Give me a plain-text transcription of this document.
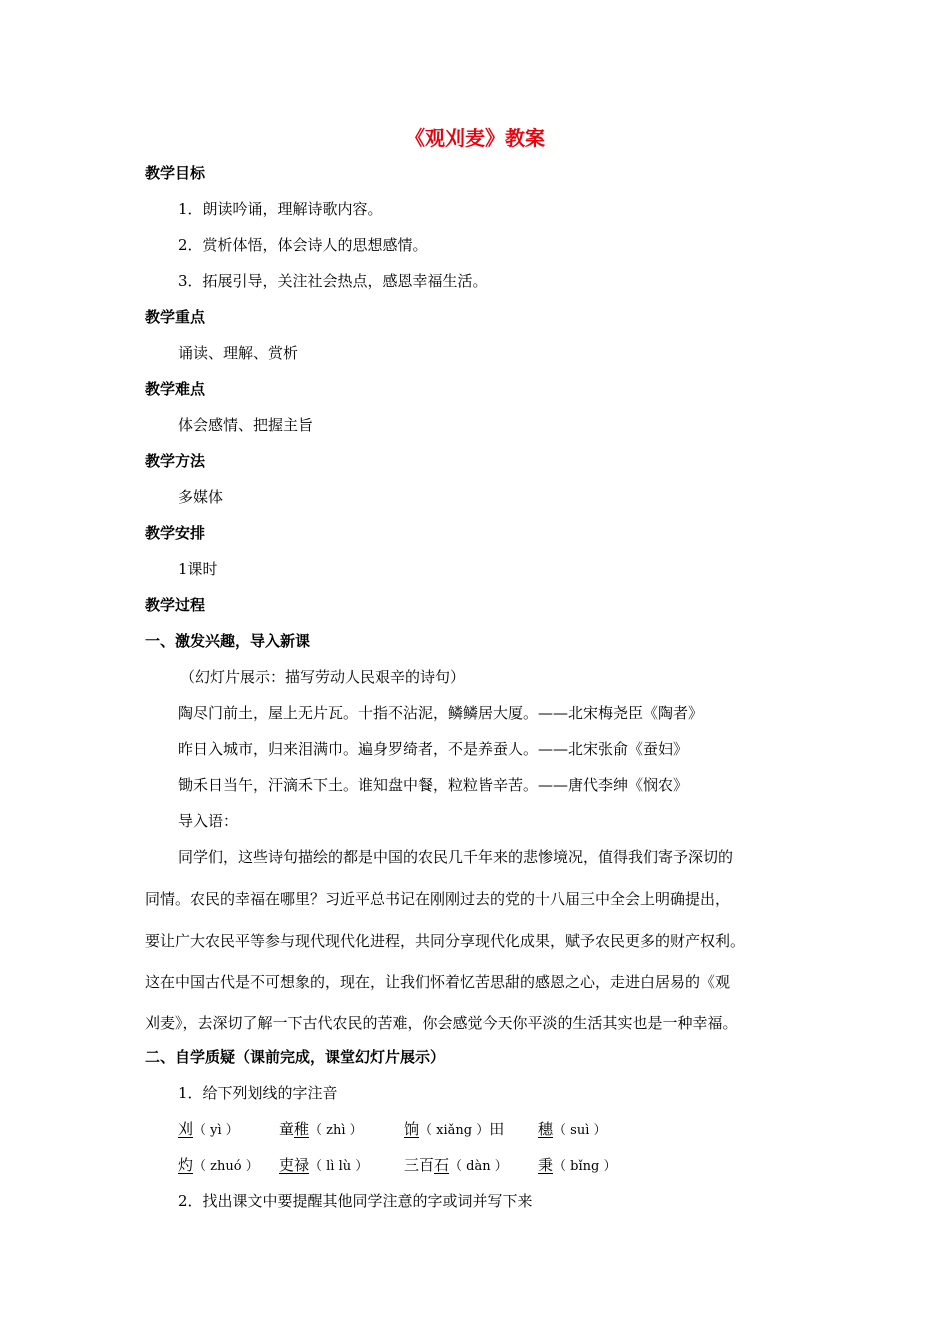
《观刈麦》教案
教学目标
1．朗读吟诵，理解诗歌内容。
2．赏析体悟，体会诗人的思想感情。
3．拓展引导，关注社会热点，感恩幸福生活。
教学重点
诵读、理解、赏析
教学难点
体会感情、把握主旨
教学方法
多媒体
教学安排
1课时
教学过程
一、激发兴趣，导入新课
（幻灯片展示：描写劳动人民艰辛的诗句）
陶尽门前土，屋上无片瓦。十指不沾泥，鳞鳞居大厦。——北宋梅尧臣《陶者》
昨日入城市，归来泪满巾。遍身罗绮者，不是养蚕人。——北宋张俞《蚕妇》
锄禾日当午，汗滴禾下土。谁知盘中餐，粒粒皆辛苦。——唐代李绅《悯农》
导入语：
同学们，这些诗句描绘的都是中国的农民几千年来的悲惨境况，值得我们寄予深切的
同情。农民的幸福在哪里？习近平总书记在刚刚过去的党的十八届三中全会上明确提出，
要让广大农民平等参与现代现代化进程，共同分享现代化成果，赋予农民更多的财产权利。
这在中国古代是不可想象的，现在，让我们怀着忆苦思甜的感恩之心，走进白居易的《观
刈麦》，去深切了解一下古代农民的苦难，你会感觉今天你平淡的生活其实也是一种幸福。
二、自学质疑（课前完成，课堂幻灯片展示）
1．给下列划线的字注音
刈（ yì ）	童稚（ zhì ）	饷（ xiǎng ）田 穗（ suì ）
灼（ zhuó ） 吏禄（ lì lù ） 三百石（ dàn ） 秉（ bǐng ）
2．找出课文中要提醒其他同学注意的字或词并写下来
